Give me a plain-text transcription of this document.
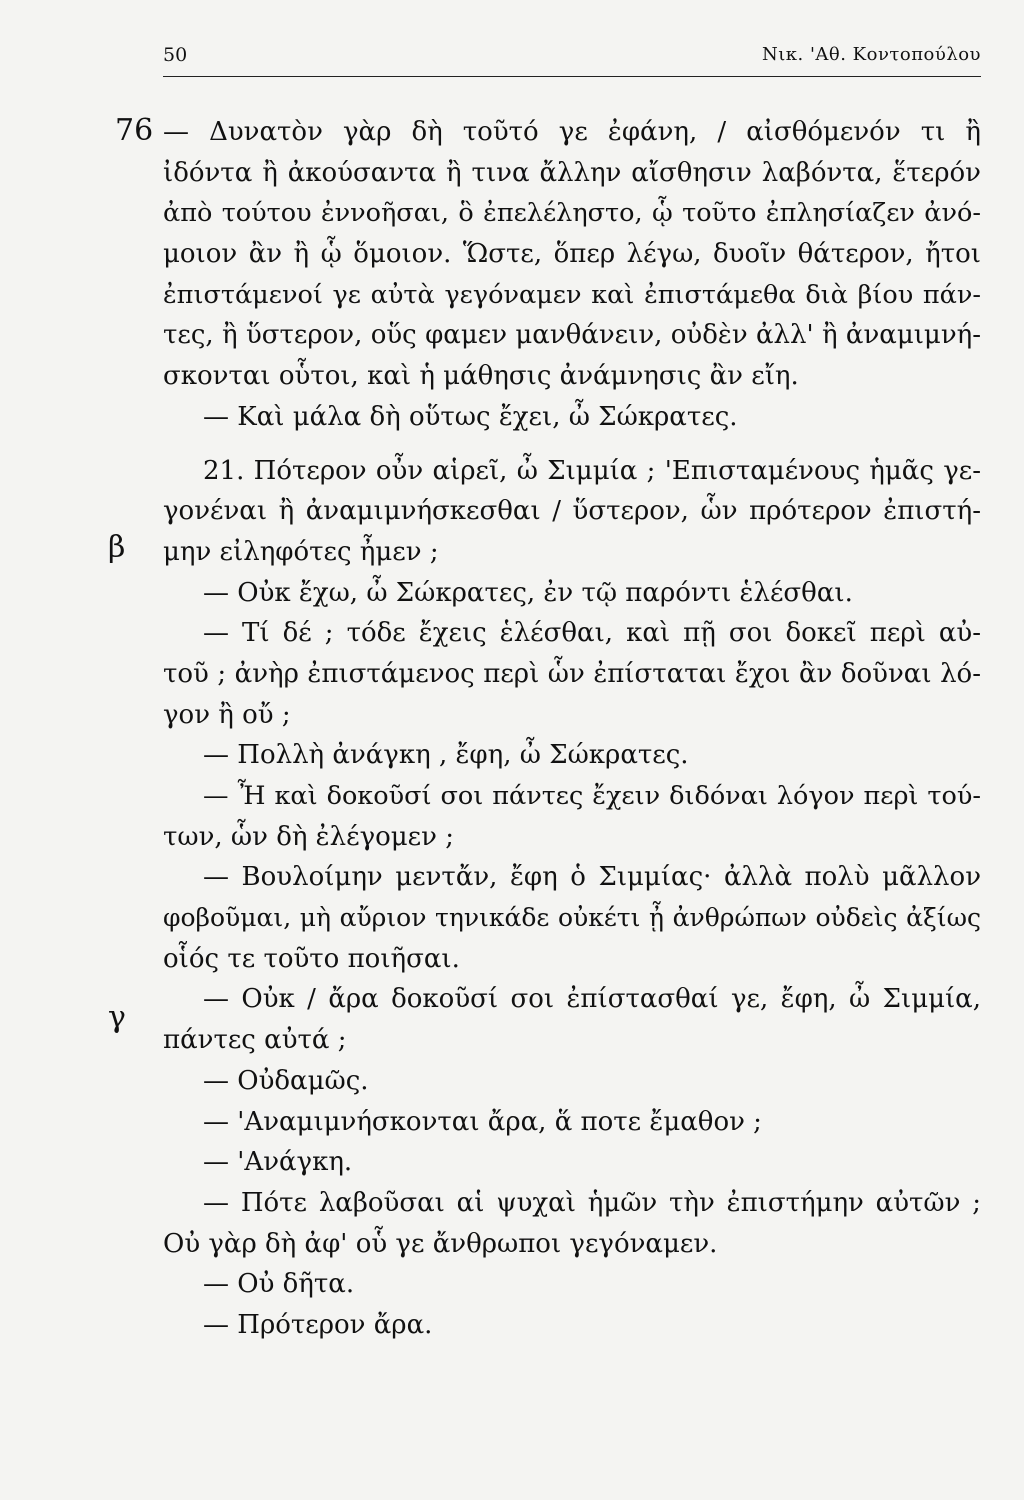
50	Νικ. 'Αθ. Κοντοπούλου
76
β
γ
— Δυνατὸν γὰρ δὴ τοῦτό γε ἐφάνη, / αἰσθόμενόν τι ἢ
ἰδόντα ἢ ἀκούσαντα ἢ τινα ἄλλην αἴσθησιν λαβόντα, ἕτερόν
ἀπὸ τούτου ἐννοῆσαι, ὃ ἐπελέληστο, ᾧ τοῦτο ἐπλησίαζεν ἀνό-
μοιον ἂν ἢ ᾧ ὅμοιον. Ὥστε, ὅπερ λέγω, δυοῖν θάτερον, ἤτοι
ἐπιστάμενοί γε αὐτὰ γεγόναμεν καὶ ἐπιστάμεθα διὰ βίου πάν-
τες, ἢ ὕστερον, οὕς φαμεν μανθάνειν, οὐδὲν ἀλλ' ἢ ἀναμιμνή-
σκονται οὗτοι, καὶ ἡ μάθησις ἀνάμνησις ἂν εἴη.
— Καὶ μάλα δὴ οὕτως ἔχει, ὦ Σώκρατες.
21. Πότερον οὖν αἱρεῖ, ὦ Σιμμία ; 'Επισταμένους ἡμᾶς γε-
γονέναι ἢ ἀναμιμνήσκεσθαι / ὕστερον, ὧν πρότερον ἐπιστή-
μην εἰληφότες ἦμεν ;
— Οὐκ ἔχω, ὦ Σώκρατες, ἐν τῷ παρόντι ἑλέσθαι.
— Τί δέ ; τόδε ἔχεις ἑλέσθαι, καὶ πῇ σοι δοκεῖ περὶ αὐ-
τοῦ ; ἀνὴρ ἐπιστάμενος περὶ ὧν ἐπίσταται ἔχοι ἂν δοῦναι λό-
γον ἢ οὔ ;
— Πολλὴ ἀνάγκη , ἔφη, ὦ Σώκρατες.
— Ἦ καὶ δοκοῦσί σοι πάντες ἔχειν διδόναι λόγον περὶ τού-
των, ὧν δὴ ἐλέγομεν ;
— Βουλοίμην μεντἄν, ἔφη ὁ Σιμμίας· ἀλλὰ πολὺ μᾶλλον
φοβοῦμαι, μὴ αὔριον τηνικάδε οὐκέτι ᾖ ἀνθρώπων οὐδεὶς ἀξίως
οἷός τε τοῦτο ποιῆσαι.
— Οὐκ / ἄρα δοκοῦσί σοι ἐπίστασθαί γε, ἔφη, ὦ Σιμμία,
πάντες αὐτά ;
— Οὐδαμῶς.
— 'Αναμιμνήσκονται ἄρα, ἅ ποτε ἔμαθον ;
— 'Ανάγκη.
— Πότε λαβοῦσαι αἱ ψυχαὶ ἡμῶν τὴν ἐπιστήμην αὐτῶν ;
Οὐ γὰρ δὴ ἀφ' οὗ γε ἄνθρωποι γεγόναμεν.
— Οὐ δῆτα.
— Πρότερον ἄρα.
